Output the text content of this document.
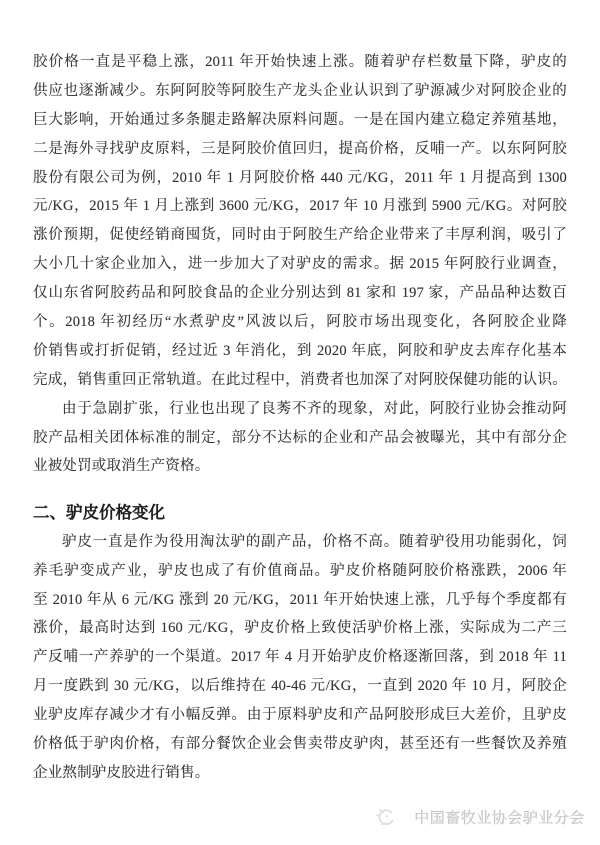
胶价格一直是平稳上涨，2011 年开始快速上涨。随着驴存栏数量下降，驴皮的
供应也逐渐减少。东阿阿胶等阿胶生产龙头企业认识到了驴源减少对阿胶企业的
巨大影响，开始通过多条腿走路解决原料问题。一是在国内建立稳定养殖基地，
二是海外寻找驴皮原料，三是阿胶价值回归，提高价格，反哺一产。以东阿阿胶
股份有限公司为例，2010 年 1 月阿胶价格 440 元/KG，2011 年 1 月提高到 1300
元/KG，2015 年 1 月上涨到 3600 元/KG，2017 年 10 月涨到 5900 元/KG。对阿胶
涨价预期，促使经销商囤货，同时由于阿胶生产给企业带来了丰厚利润，吸引了
大小几十家企业加入，进一步加大了对驴皮的需求。据 2015 年阿胶行业调查，
仅山东省阿胶药品和阿胶食品的企业分别达到 81 家和 197 家，产品品种达数百
个。2018 年初经历“水煮驴皮”风波以后，阿胶市场出现变化，各阿胶企业降
价销售或打折促销，经过近 3 年消化，到 2020 年底，阿胶和驴皮去库存化基本
完成，销售重回正常轨道。在此过程中，消费者也加深了对阿胶保健功能的认识。
由于急剧扩张，行业也出现了良莠不齐的现象，对此，阿胶行业协会推动阿
胶产品相关团体标准的制定，部分不达标的企业和产品会被曝光，其中有部分企
业被处罚或取消生产资格。
二、驴皮价格变化
驴皮一直是作为役用淘汰驴的副产品，价格不高。随着驴役用功能弱化，饲
养毛驴变成产业，驴皮也成了有价值商品。驴皮价格随阿胶价格涨跌，2006 年
至 2010 年从 6 元/KG 涨到 20 元/KG，2011 年开始快速上涨，几乎每个季度都有
涨价，最高时达到 160 元/KG，驴皮价格上致使活驴价格上涨，实际成为二产三
产反哺一产养驴的一个渠道。2017 年 4 月开始驴皮价格逐渐回落，到 2018 年 11
月一度跌到 30 元/KG，以后维持在 40-46 元/KG，一直到 2020 年 10 月，阿胶企
业驴皮库存减少才有小幅反弹。由于原料驴皮和产品阿胶形成巨大差价，且驴皮
价格低于驴肉价格，有部分餐饮企业会售卖带皮驴肉，甚至还有一些餐饮及养殖
企业熬制驴皮胶进行销售。
中国畜牧业协会驴业分会
